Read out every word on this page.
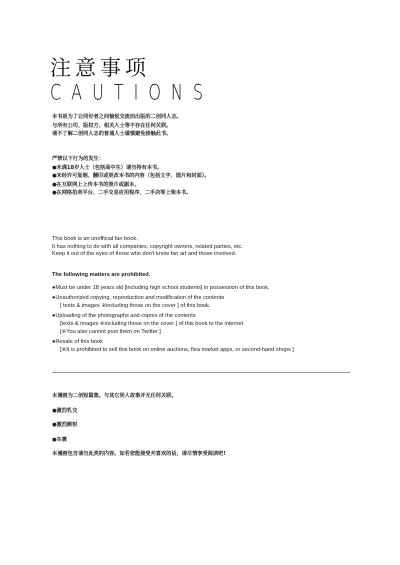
注意事项
CAUTIONS
本书是为了让同好者之间愉悦交流而出版的二创同人志。
与所有公司、版权方、相关人士等不存在任何关联。
请不了解二创同人志的普通人士谨慎避免接触此书。
严禁以下行为的发生：
●未满18岁人士（包括高中生）请勿持有本书。
●未经许可复制、翻印或更改本书的内容（包括文字、图片和封面）。
●在互联网上上传本书的照片或副本。
●在网络拍卖平台、二手交易应用程序、二手店等上架本书。
This book is an unofficial fan book.
It has nothing to do with all companies, copyright owners, related parties, etc.
Keep it out of the eyes of those who don't know fan art and those involved.
The following matters are prohibited.
●Must be under 18 years old [including high school students] in possession of this book.
●Unauthorized copying, reproduction and modification of the contents
[ texts & images ※including those on the cover ] of this book.
●Uploading of the photographs and copies of the contents
[texts & images ※including those on the cover ] of this book to the internet
[※You also cannot post them on Twitter ]
●Resale of this book
[※It is prohibited to sell this book on online auctions, flea market apps, or second-hand shops ]
本漫画为二创短篇集。与其它同人故事并无任何关联。
●激烈乳交
●激烈颜射
●车震
本漫画包含请勿此类的内容。如若您能接受并喜欢的话，请尽情享受阅读吧!
